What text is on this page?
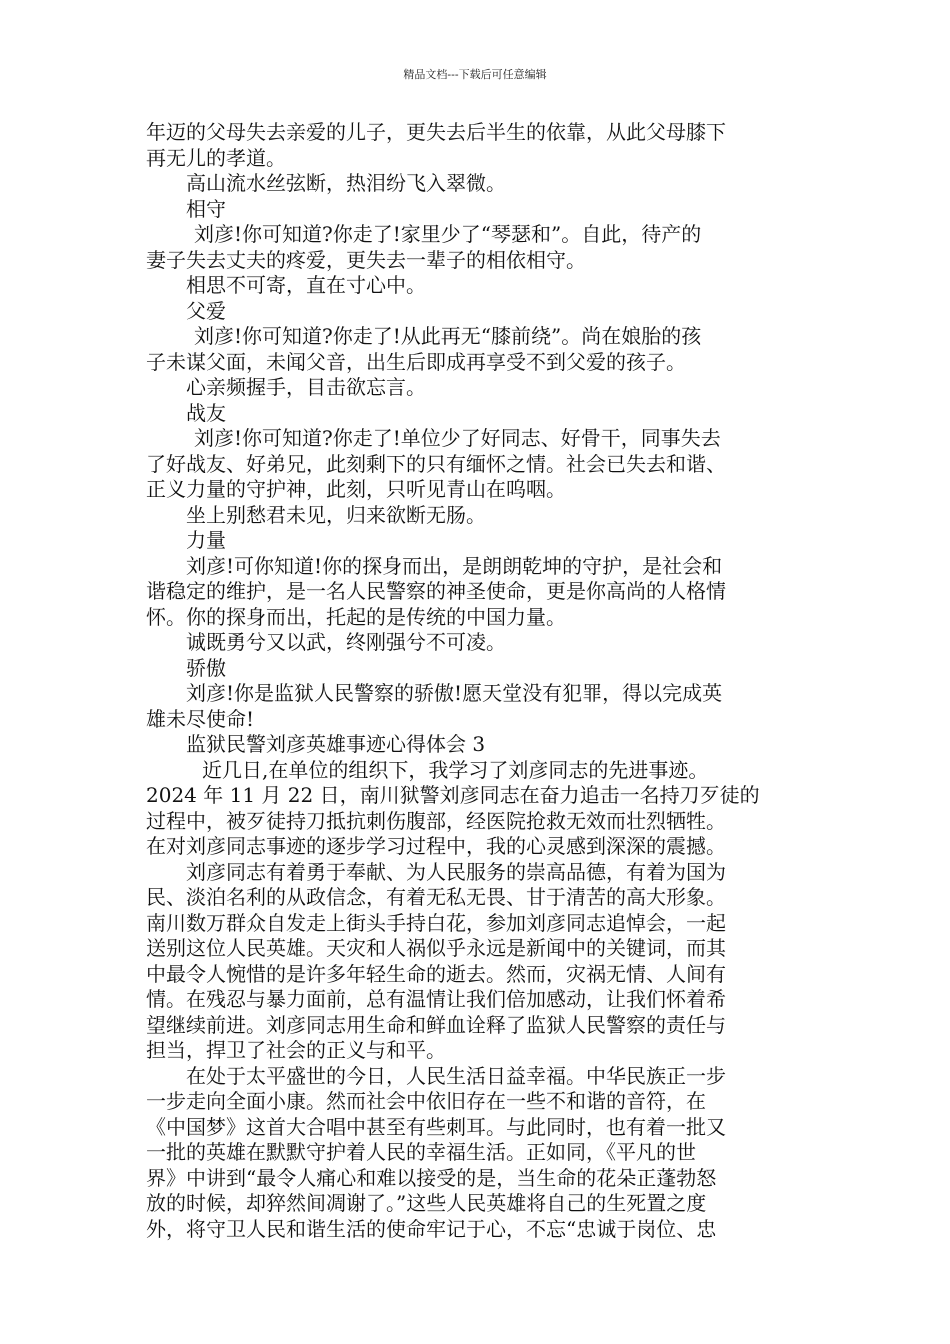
精品文档---下载后可任意编辑

年迈的父母失去亲爱的儿子，更失去后半生的依靠，从此父母膝下

再无儿的孝道。

高山流水丝弦断，热泪纷飞入翠微。

相守

刘彦!你可知道?你走了!家里少了“琴瑟和”。自此，待产的

妻子失去丈夫的疼爱，更失去一辈子的相依相守。

相思不可寄，直在寸心中。

父爱

刘彦!你可知道?你走了!从此再无“膝前绕”。尚在娘胎的孩

子未谋父面，未闻父音，出生后即成再享受不到父爱的孩子。

心亲频握手，目击欲忘言。

战友

刘彦!你可知道?你走了!单位少了好同志、好骨干，同事失去

了好战友、好弟兄，此刻剩下的只有缅怀之情。社会已失去和谐、

正义力量的守护神，此刻，只听见青山在呜咽。

坐上别愁君未见，归来欲断无肠。

力量

刘彦!可你知道!你的探身而出，是朗朗乾坤的守护，是社会和

谐稳定的维护，是一名人民警察的神圣使命，更是你高尚的人格情

怀。你的探身而出，托起的是传统的中国力量。

诚既勇兮又以武，终刚强兮不可凌。

骄傲

刘彦!你是监狱人民警察的骄傲!愿天堂没有犯罪，得以完成英

雄未尽使命!

监狱民警刘彦英雄事迹心得体会 3

近几日,在单位的组织下，我学习了刘彦同志的先进事迹。

2024 年 11 月 22 日，南川狱警刘彦同志在奋力追击一名持刀歹徒的

过程中，被歹徒持刀抵抗刺伤腹部，经医院抢救无效而壮烈牺牲。

在对刘彦同志事迹的逐步学习过程中，我的心灵感到深深的震撼。

刘彦同志有着勇于奉献、为人民服务的崇高品德，有着为国为

民、淡泊名利的从政信念，有着无私无畏、甘于清苦的高大形象。

南川数万群众自发走上街头手持白花，参加刘彦同志追悼会，一起

送别这位人民英雄。天灾和人祸似乎永远是新闻中的关键词，而其

中最令人惋惜的是许多年轻生命的逝去。然而，灾祸无情、人间有

情。在残忍与暴力面前，总有温情让我们倍加感动，让我们怀着希

望继续前进。刘彦同志用生命和鲜血诠释了监狱人民警察的责任与

担当，捍卫了社会的正义与和平。

在处于太平盛世的今日，人民生活日益幸福。中华民族正一步

一步走向全面小康。然而社会中依旧存在一些不和谐的音符，在

《中国梦》这首大合唱中甚至有些刺耳。与此同时，也有着一批又

一批的英雄在默默守护着人民的幸福生活。正如同，《平凡的世

界》中讲到“最令人痛心和难以接受的是，当生命的花朵正蓬勃怒

放的时候，却猝然间凋谢了。”这些人民英雄将自己的生死置之度

外，将守卫人民和谐生活的使命牢记于心，不忘“忠诚于岗位、忠
